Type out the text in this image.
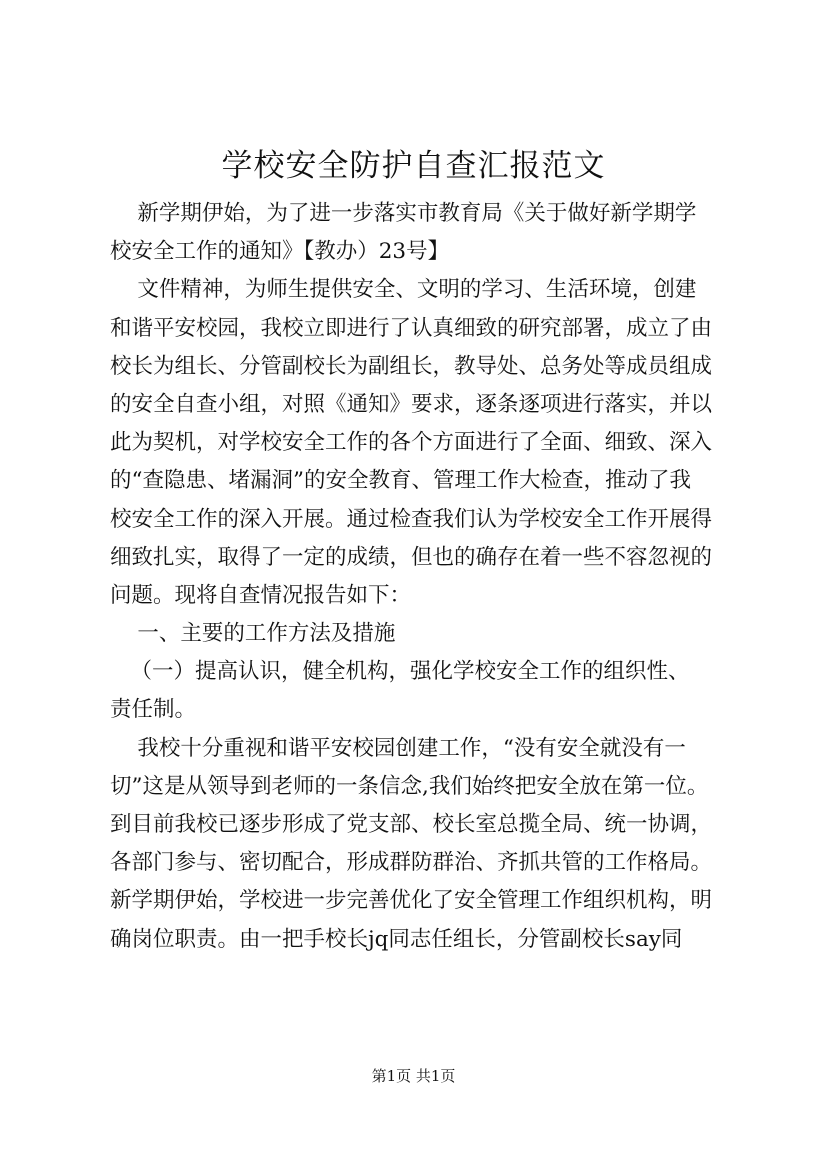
学校安全防护自查汇报范文
新学期伊始，为了进一步落实市教育局《关于做好新学期学
校安全工作的通知》【教办）23号】
文件精神，为师生提供安全、文明的学习、生活环境，创建
和谐平安校园，我校立即进行了认真细致的研究部署，成立了由
校长为组长、分管副校长为副组长，教导处、总务处等成员组成
的安全自查小组，对照《通知》要求，逐条逐项进行落实，并以
此为契机，对学校安全工作的各个方面进行了全面、细致、深入
的“查隐患、堵漏洞”的安全教育、管理工作大检查，推动了我
校安全工作的深入开展。通过检查我们认为学校安全工作开展得
细致扎实，取得了一定的成绩，但也的确存在着一些不容忽视的
问题。现将自查情况报告如下：
一、主要的工作方法及措施
（一）提高认识，健全机构，强化学校安全工作的组织性、
责任制。
我校十分重视和谐平安校园创建工作，“没有安全就没有一
切”这是从领导到老师的一条信念,我们始终把安全放在第一位。
到目前我校已逐步形成了党支部、校长室总揽全局、统一协调，
各部门参与、密切配合，形成群防群治、齐抓共管的工作格局。
新学期伊始，学校进一步完善优化了安全管理工作组织机构，明
确岗位职责。由一把手校长jq同志任组长，分管副校长say同
第1页 共1页
